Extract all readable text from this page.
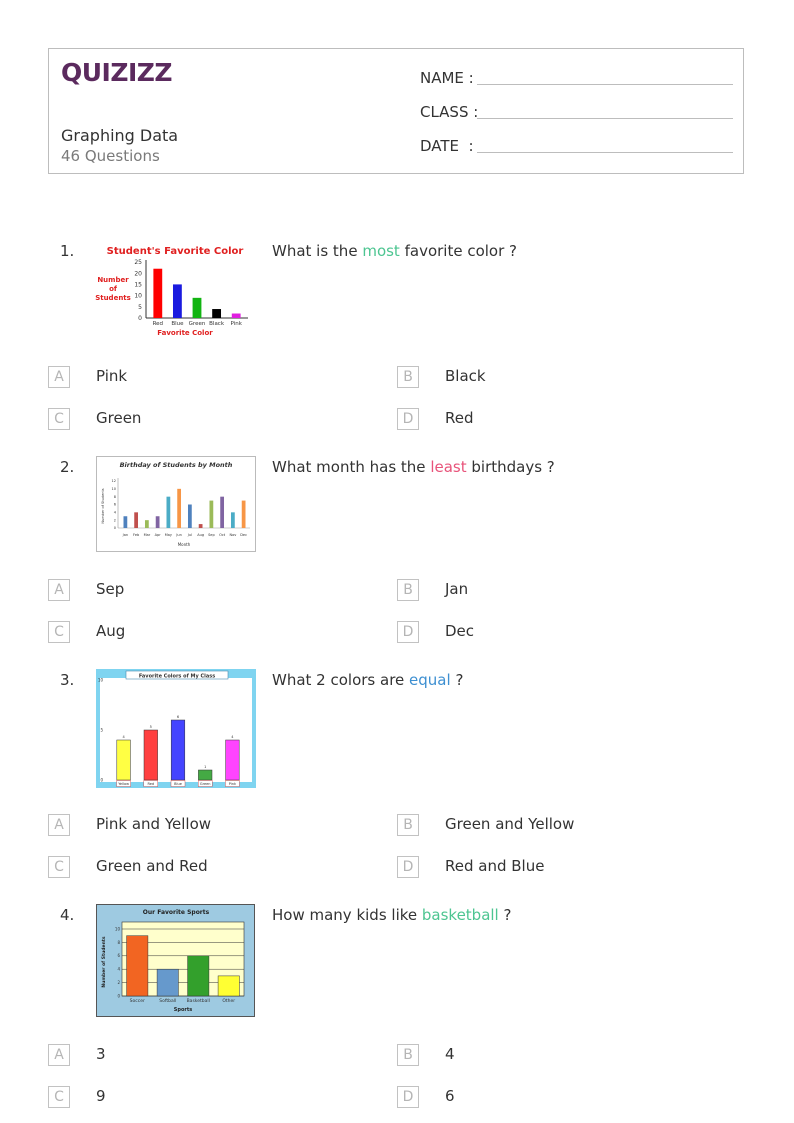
QUIZIZZ
Graphing Data
46 Questions
NAME :
CLASS :
DATE  :
1.	Student's Favorite Color
Number
of
Students
0
5
10
15
20
25
Red Blue Green Black Pink
Favorite Color
What is the most favorite color ?
A	Pink	B	Black
C	Green	D	Red
2.	Birthday of Students by Month
Number of Students
0
2
4
6
8
10
12
Jan Feb Mar Apr May Jun Jul Aug Sep Oct Nov Dec
Month
What month has the least birthdays ?
A	Sep	B	Jan
C	Aug	D	Dec
3.	Favorite Colors of My Class
0
5
10
4
5
6
1
4
Yellow	Red	Blue	Green	Pink
What 2 colors are equal ?
A	Pink and Yellow	B	Green and Yellow
C	Green and Red	D	Red and Blue
4.	Our Favorite Sports
Number of Students
0
2
4
6
8
10
Soccer	Softball Basketball	Other
Sports
How many kids like basketball ?
A	3	B	4
C	9	D	6
